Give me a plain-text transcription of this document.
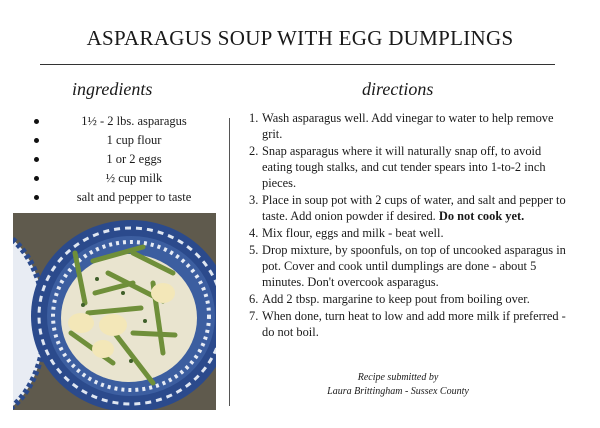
ASPARAGUS SOUP WITH EGG DUMPLINGS
ingredients	directions
1½ - 2 lbs. asparagus
1 cup flour
1 or 2 eggs
½ cup milk
salt and pepper to taste
1. Wash asparagus well. Add vinegar to water to help remove grit.
2. Snap asparagus where it will naturally snap off, to avoid eating tough stalks, and cut tender spears into 1-to-2 inch pieces.
3. Place in soup pot with 2 cups of water, and salt and pepper to taste. Add onion powder if desired. Do not cook yet.
4. Mix flour, eggs and milk - beat well.
5. Drop mixture, by spoonfuls, on top of uncooked asparagus in pot. Cover and cook until dumplings are done - about 5 minutes. Don't overcook asparagus.
6. Add 2 tbsp. margarine to keep pout from boiling over.
7. When done, turn heat to low and add more milk if preferred - do not boil.
Recipe submitted by
Laura Brittingham - Sussex County
